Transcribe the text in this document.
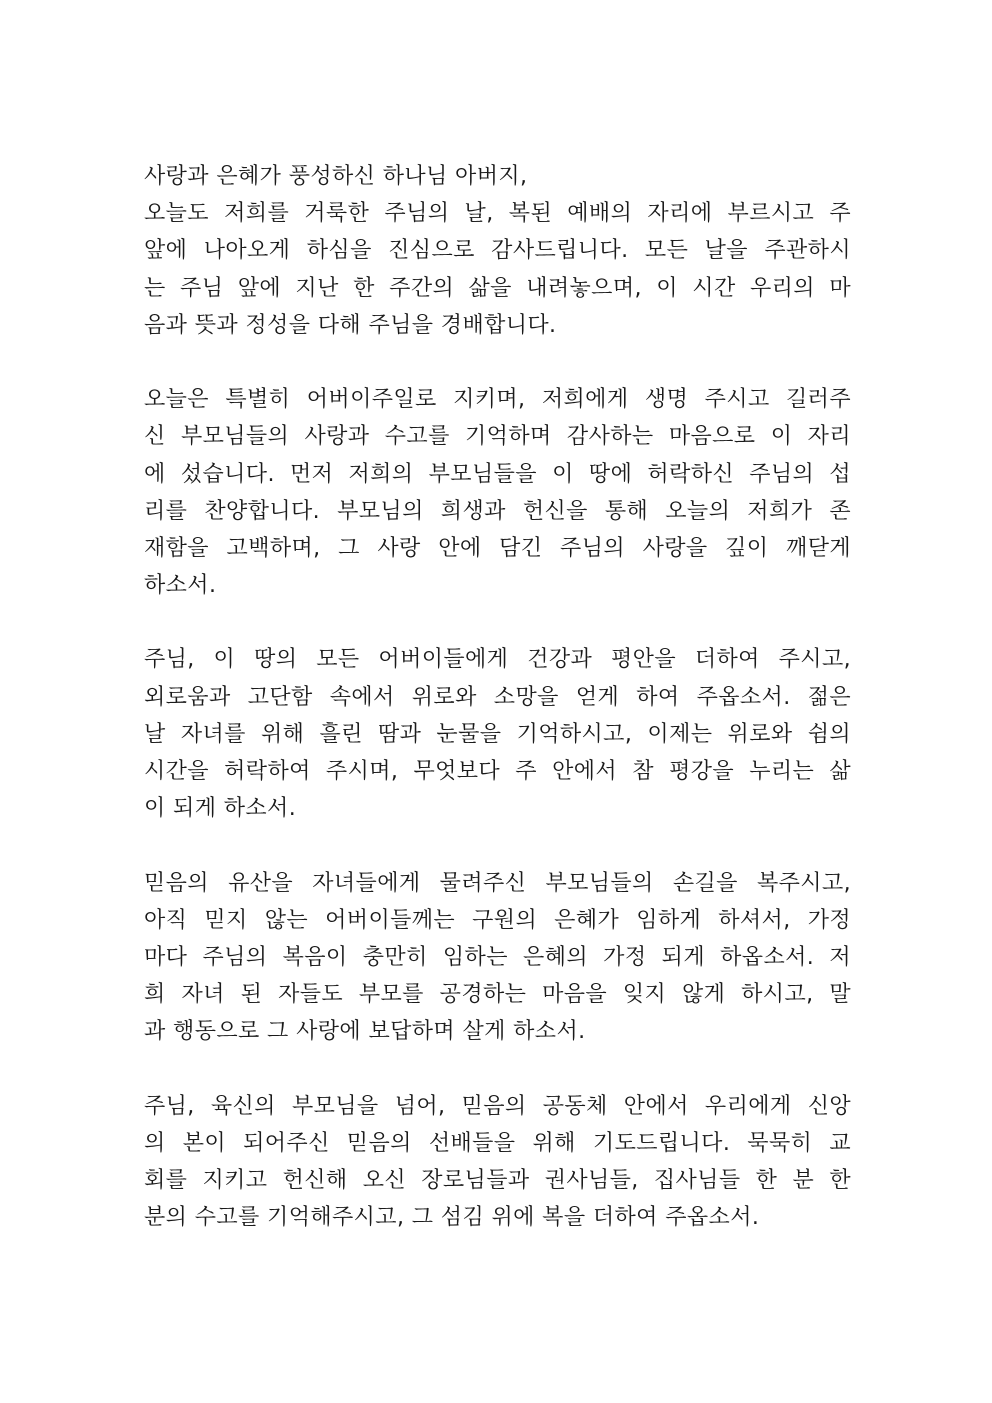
사랑과 은혜가 풍성하신 하나님 아버지,
오늘도 저희를 거룩한 주님의 날, 복된 예배의 자리에 부르시고 주
앞에 나아오게 하심을 진심으로 감사드립니다. 모든 날을 주관하시
는 주님 앞에 지난 한 주간의 삶을 내려놓으며, 이 시간 우리의 마
음과 뜻과 정성을 다해 주님을 경배합니다.
오늘은 특별히 어버이주일로 지키며, 저희에게 생명 주시고 길러주
신 부모님들의 사랑과 수고를 기억하며 감사하는 마음으로 이 자리
에 섰습니다. 먼저 저희의 부모님들을 이 땅에 허락하신 주님의 섭
리를 찬양합니다. 부모님의 희생과 헌신을 통해 오늘의 저희가 존
재함을 고백하며, 그 사랑 안에 담긴 주님의 사랑을 깊이 깨닫게
하소서.
주님, 이 땅의 모든 어버이들에게 건강과 평안을 더하여 주시고,
외로움과 고단함 속에서 위로와 소망을 얻게 하여 주옵소서. 젊은
날 자녀를 위해 흘린 땀과 눈물을 기억하시고, 이제는 위로와 쉼의
시간을 허락하여 주시며, 무엇보다 주 안에서 참 평강을 누리는 삶
이 되게 하소서.
믿음의 유산을 자녀들에게 물려주신 부모님들의 손길을 복주시고,
아직 믿지 않는 어버이들께는 구원의 은혜가 임하게 하셔서, 가정
마다 주님의 복음이 충만히 임하는 은혜의 가정 되게 하옵소서. 저
희 자녀 된 자들도 부모를 공경하는 마음을 잊지 않게 하시고, 말
과 행동으로 그 사랑에 보답하며 살게 하소서.
주님, 육신의 부모님을 넘어, 믿음의 공동체 안에서 우리에게 신앙
의 본이 되어주신 믿음의 선배들을 위해 기도드립니다. 묵묵히 교
회를 지키고 헌신해 오신 장로님들과 권사님들, 집사님들 한 분 한
분의 수고를 기억해주시고, 그 섬김 위에 복을 더하여 주옵소서.
